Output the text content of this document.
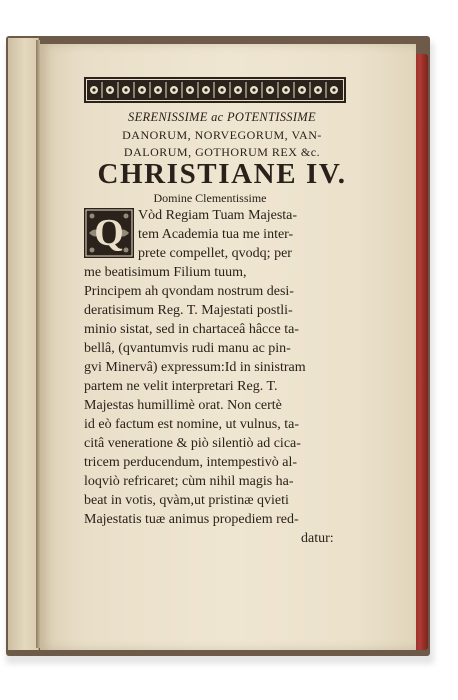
SERENISSIME ac POTENTISSIME
DANORUM, NORVEGORUM, VAN-
DALORUM, GOTHORUM REX &c.
CHRISTIANE IV.
Domine Clementissime
Q Vòd Regiam Tuam Majesta-
tem Academia tua me inter-
prete compellet, qvodq; per
me beatisimum Filium tuum,
Principem ah qvondam nostrum desi-
deratisimum Reg. T. Majestati postli-
minio sistat, sed in chartaceâ hâcce ta-
bellâ, (qvantumvis rudi manu ac pin-
gvi Minervâ) expressum:Id in sinistram
partem ne velit interpretari Reg. T.
Majestas humillimè orat. Non certè
id eò factum est nomine, ut vulnus, ta-
citâ veneratione & piò silentiò ad cica-
tricem perducendum, intempestivò al-
loqviò refricaret; cùm nihil magis ha-
beat in votis, qvàm,ut pristinæ qvieti
Majestatis tuæ animus propediem red-
datur:
